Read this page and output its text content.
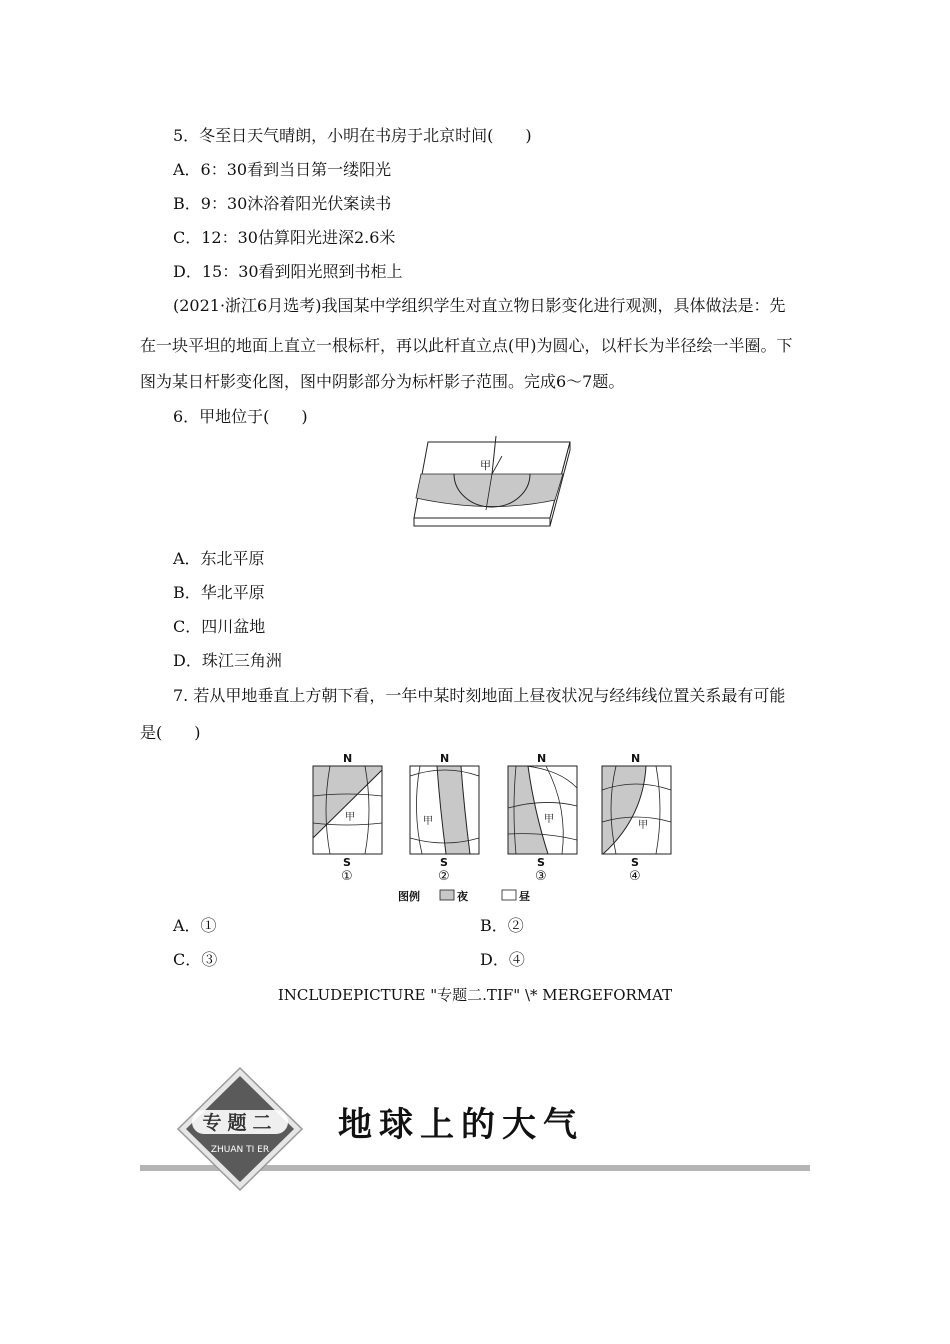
5．冬至日天气晴朗，小明在书房于北京时间(　　)
A．6：30看到当日第一缕阳光
B．9：30沐浴着阳光伏案读书
C．12：30估算阳光进深2.6米
D．15：30看到阳光照到书柜上
(2021·浙江6月选考)我国某中学组织学生对直立物日影变化进行观测，具体做法是：先
在一块平坦的地面上直立一根标杆，再以此杆直立点(甲)为圆心，以杆长为半径绘一半圈。下
图为某日杆影变化图，图中阴影部分为标杆影子范围。完成6～7题。
6．甲地位于(　　)
甲
A．东北平原
B．华北平原
C．四川盆地
D．珠江三角洲
7. 若从甲地垂直上方朝下看，一年中某时刻地面上昼夜状况与经纬线位置关系最有可能
是(　　)
N
甲
S
①
N
甲
S
②
N
甲
S
③
N
甲
S
④
图例	夜	昼
A．①	B．②
C．③	D．④
INCLUDEPICTURE "专题二.TIF" \* MERGEFORMAT
专题二
ZHUAN TI ER
地球上的大气
